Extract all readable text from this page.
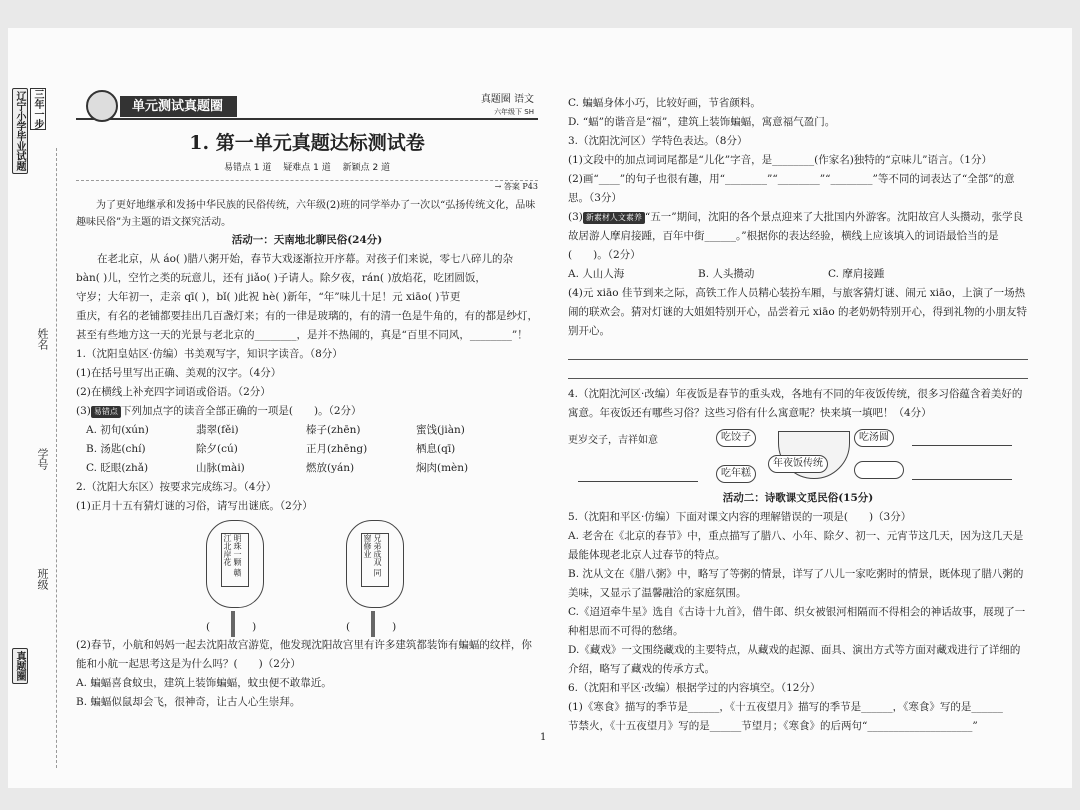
辽宁小学毕业试题 三年一步
姓名
学号
班级
真题圈
单元测试真题圈	真题圈 语文
六年级下 SH
1. 第一单元真题达标测试卷
易错点 1 道　 疑难点 1 道　 新颖点 2 道
→ 答案 P43

为了更好地继承和发扬中华民族的民俗传统，六年级(2)班的同学举办了一次以“弘扬传统文化，品味趣味民俗”为主题的语文探究活动。

活动一：天南地北聊民俗(24分)

在老北京，从 áo( )腊八粥开始，春节大戏逐渐拉开序幕。对孩子们来说，零七八碎儿的杂

bàn( )儿，空竹之类的玩意儿，还有 jiǎo( )子请人。除夕夜，rán( )放焰花，吃团圆饭，

守岁；大年初一，走亲 qī( )，bǐ( )此祝 hè( )新年，“年”味儿十足！元 xiāo( )节更

重庆，有名的老铺都要挂出几百盏灯来；有的一律是玻璃的，有的清一色是牛角的，有的都是纱灯，

甚至有些地方这一天的光景与老北京的________，是并不热闹的，真是“百里不同风，________”！

1.（沈阳皇姑区·仿编）书美观写字，知识字读音。（8分）

(1)在括号里写出正确、美观的汉字。（4分）

(2)在横线上补充四字词语或俗语。（2分）

(3) 易错点 下列加点字的读音全部正确的一项是(　　)。（2分）

A. 初旬(xún)	翡翠(fěi)	榛子(zhēn)	蜜饯(jiàn)
B. 汤匙(chí)	除夕(cú)	正月(zhēng)	栖息(qī)
C. 眨眼(zhǎ)	山脉(mài)	燃放(yán)	焖肉(mèn)

2.（沈阳大东区）按要求完成练习。（4分）

(1)正月十五有猜灯谜的习俗，请写出谜底。（2分）

明珠一颗 赣江北岸花	兄弟成双 同窗修业
(　　　　)	(　　　　)

(2)春节，小航和妈妈一起去沈阳故宫游览，他发现沈阳故宫里有许多建筑都装饰有蝙蝠的纹样，你能和小航一起思考这是为什么吗？(　　)（2分）

A. 蝙蝠喜食蚊虫，建筑上装饰蝙蝠，蚊虫便不敢靠近。

B. 蝙蝠似鼠却会飞，很神奇，让古人心生崇拜。

C. 蝙蝠身体小巧，比较好画，节省颜料。

D. “蝠”的谐音是“福”，建筑上装饰蝙蝠，寓意福气盈门。

3.（沈阳沈河区）学特色表达。（8分）

(1)文段中的加点词词尾都是“儿化”字音，是________(作家名)独特的“京味儿”语言。（1分）

(2)画“____”的句子也很有趣，用“________”“________”“________”等不同的词表达了“全部”的意思。（3分）

(3) 新素材人文素养 “五一”期间，沈阳的各个景点迎来了大批国内外游客。沈阳故宫人头攒动，张学良故居游人摩肩接踵，百年中街______。”根据你的表达经验，横线上应该填入的词语最恰当的是(　　)。（2分）

A. 人山人海	B. 人头攒动	C. 摩肩接踵

(4)元 xiāo 佳节到来之际，高铁工作人员精心装扮车厢，与旅客猜灯谜、闹元 xiāo，上演了一场热闹的联欢会。猜对灯谜的大姐姐特别开心，品尝着元 xiāo 的老奶奶特别开心，得到礼物的小朋友特别开心。

4.（沈阳沈河区·改编）年夜饭是春节的重头戏，各地有不同的年夜饭传统，很多习俗蕴含着美好的寓意。年夜饭还有哪些习俗？这些习俗有什么寓意呢？快来填一填吧！（4分）

更岁交子，吉祥如意	吃饺子
年夜饭传统
吃汤圆
吃年糕

活动二：诗歌课文觅民俗(15分)

5.（沈阳和平区·仿编）下面对课文内容的理解错误的一项是(　　)（3分）

A. 老舍在《北京的春节》中，重点描写了腊八、小年、除夕、初一、元宵节这几天，因为这几天是最能体现老北京人过春节的特点。

B. 沈从文在《腊八粥》中，略写了等粥的情景，详写了八儿一家吃粥时的情景，既体现了腊八粥的美味，又显示了温馨融洽的家庭氛围。

C.《迢迢牵牛星》选自《古诗十九首》，借牛郎、织女被银河相隔而不得相会的神话故事，展现了一种相思而不可得的愁绪。

D.《藏戏》一文围绕藏戏的主要特点，从藏戏的起源、面具、演出方式等方面对藏戏进行了详细的介绍，略写了藏戏的传承方式。

6.（沈阳和平区·改编）根据学过的内容填空。（12分）

(1)《寒食》描写的季节是______，《十五夜望月》描写的季节是______，《寒食》写的是______

节禁火，《十五夜望月》写的是______节望月；《寒食》的后两句“____________________”

1
